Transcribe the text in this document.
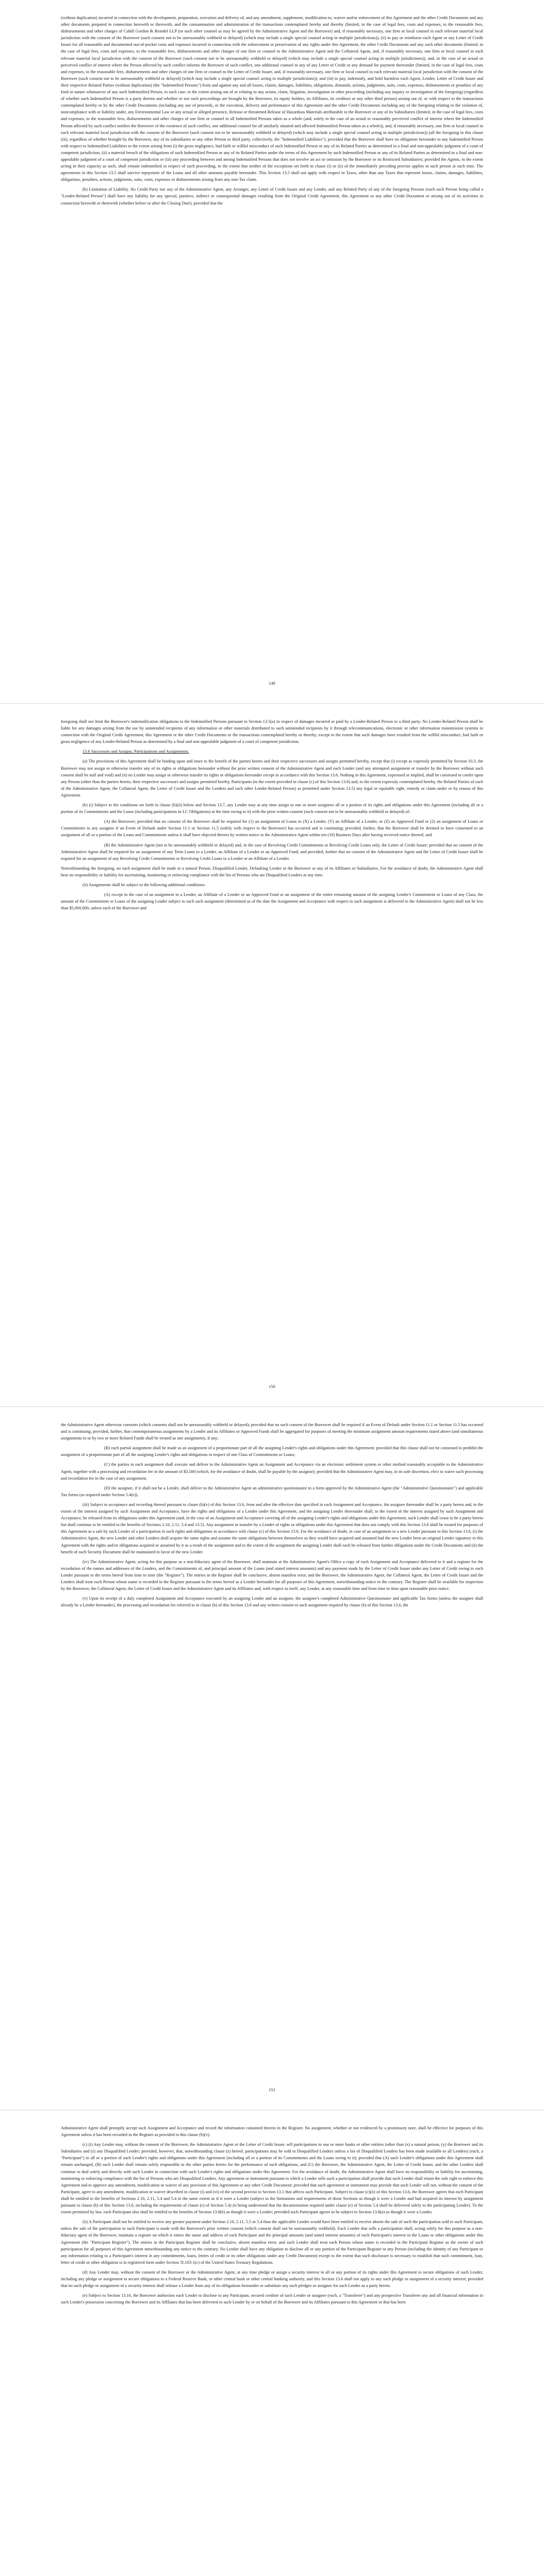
(without duplication) incurred in connection with the development, preparation, execution and delivery of, and any amendment, supplement, modification to, waiver and/or enforcement of this Agreement and the other Credit Documents and any other documents prepared in connection herewith or therewith, and the consummation and administration of the transactions contemplated hereby and thereby (limited, in the case of legal fees, costs and expenses, to the reasonable fees, disbursements and other charges of Cahill Gordon & Reindel LLP (or such other counsel as may be agreed by the Administrative Agent and the Borrower) and, if reasonably necessary, one firm or local counsel in each relevant material local jurisdiction with the consent of the Borrower (such consent not to be unreasonably withheld or delayed) (which may include a single special counsel acting in multiple jurisdictions)), (ii) to pay or reimburse each Agent or any Letter of Credit Issuer for all reasonable and documented out-of-pocket costs and expenses incurred in connection with the enforcement or preservation of any rights under this Agreement, the other Credit Documents and any such other documents (limited, in the case of legal fees, costs and expenses, to the reasonable fees, disbursements and other charges of one firm or counsel to the Administrative Agent and the Collateral Agent, and, if reasonably necessary, one firm or local counsel in each relevant material local jurisdiction with the consent of the Borrower (such consent not to be unreasonably withheld or delayed) (which may include a single special counsel acting in multiple jurisdictions)), and, in the case of an actual or perceived conflict of interest where the Person affected by such conflict informs the Borrower of such conflict, one additional counsel to any of any Letter of Credit or any demand for payment thereunder (limited, in the case of legal fees, costs and expenses, to the reasonable fees, disbursements and other charges of one firm or counsel to the Letter of Credit Issuer, and, if reasonably necessary, one firm or local counsel in each relevant material local jurisdiction with the consent of the Borrower (such consent not to be unreasonably withheld or delayed) (which may include a single special counsel acting in multiple jurisdictions)), and (iii) to pay, indemnify, and hold harmless each Agent, Lender, Letter of Credit Issuer and their respective Related Parties (without duplication) (the "Indemnified Persons") from and against any and all losses, claims, damages, liabilities, obligations, demands, actions, judgments, suits, costs, expenses, disbursements or penalties of any kind or nature whatsoever of any such Indemnified Person, in each case, to the extent arising out of or relating to any action, claim, litigation, investigation or other proceeding (including any inquiry or investigation of the foregoing) (regardless of whether such Indemnified Person is a party thereto and whether or not such proceedings are brought by the Borrower, its equity holders, its Affiliates, its creditors or any other third person) arising out of, or with respect to the transactions contemplated hereby or by the other Credit Documents (including any use of proceeds, or the execution, delivery and performance of this Agreement and the other Credit Documents including any of the foregoing relating to the violation of, noncompliance with or liability under, any Environmental Law or any actual or alleged presence, Release or threatened Release of Hazardous Materials attributable to the Borrower or any of its Subsidiaries (limited, in the case of legal fees, costs and expenses, to the reasonable fees, disbursements and other charges of one firm or counsel to all Indemnified Persons taken as a whole (and, solely in the case of an actual or reasonably perceived conflict of interest where the Indemnified Person affected by such conflict notifies the Borrower of the existence of such conflict, one additional counsel for all similarly situated and affected Indemnified Person taken as a whole)), and, if reasonably necessary, one firm or local counsel in each relevant material local jurisdiction with the consent of the Borrower (such consent not to be unreasonably withheld or delayed) (which may include a single special counsel acting in multiple jurisdictions)) (all the foregoing in this clause (iii), regardless of whether brought by the Borrower, any of its subsidiaries or any other Person or third party, collectively, the "Indemnified Liabilities"); provided that the Borrower shall have no obligation hereunder to any Indemnified Person with respect to Indemnified Liabilities to the extent arising from (i) the gross negligence, bad faith or willful misconduct of such Indemnified Person or any of its Related Parties as determined in a final and non-appealable judgment of a court of competent jurisdiction, (ii) a material breach of the obligations of such Indemnified Person or any of its Related Parties under the terms of this Agreement by such Indemnified Person or any of its Related Parties as determined in a final and non-appealable judgment of a court of competent jurisdiction or (iii) any proceeding between and among Indemnified Persons that does not involve an act or omission by the Borrower or its Restricted Subsidiaries; provided the Agents, to the extent acting in their capacity as such, shall remain indemnified in respect of such proceeding, to the extent that neither of the exceptions set forth in clause (i) or (ii) of the immediately preceding proviso applies to such person at such time. The agreements in this Section 13.5 shall survive repayment of the Loans and all other amounts payable hereunder. This Section 13.5 shall not apply with respect to Taxes, other than any Taxes that represent losses, claims, damages, liabilities, obligations, penalties, actions, judgments, suits, costs, expenses or disbursements arising from any non-Tax claim.

(b) Limitation of Liability. No Credit Party nor any of the Administrative Agent, any Arranger, any Letter of Credit Issuer and any Lender, and any Related Party of any of the foregoing Persons (each such Person being called a "Lender-Related Person") shall have any liability for any special, punitive, indirect or consequential damages resulting from the Original Credit Agreement, this Agreement or any other Credit Document or arising out of its activities in connection herewith or therewith (whether before or after the Closing Date); provided that the

149

foregoing shall not limit the Borrower's indemnification obligations to the Indemnified Persons pursuant to Section 13.5(a) in respect of damages incurred or paid by a Lender-Related Person to a third party. No Lender-Related Person shall be liable for any damages arising from the use by unintended recipients of any information or other materials distributed to such unintended recipients by it through telecommunications, electronic or other information transmission systems in connection with the Original Credit Agreement, this Agreement or the other Credit Documents or the transactions contemplated hereby or thereby, except to the extent that such damages have resulted from the willful misconduct, bad faith or gross negligence of any Lender-Related Person as determined by a final and non-appealable judgment of a court of competent jurisdiction.

13.6 Successors and Assigns; Participations and Assignments.

(a) The provisions of this Agreement shall be binding upon and inure to the benefit of the parties hereto and their respective successors and assigns permitted hereby, except that (i) except as expressly permitted by Section 10.3, the Borrower may not assign or otherwise transfer any of its rights or obligations hereunder without the prior written consent of the Administrative Agent and each Lender (and any attempted assignment or transfer by the Borrower without such consent shall be null and void) and (ii) no Lender may assign or otherwise transfer its rights or obligations hereunder except in accordance with this Section 13.6. Nothing in this Agreement, expressed or implied, shall be construed to confer upon any Person (other than the parties hereto, their respective successors and assigns permitted hereby, Participants (to the extent provided in clause (c) of this Section 13.6) and, to the extent expressly contemplated hereby, the Related Parties of each of the Administrative Agent, the Collateral Agent, the Letter of Credit Issuer and the Lenders and each other Lender-Related Person) as permitted under Section 13.5) any legal or equitable right, remedy or claim under or by reason of this Agreement.

(b) (i) Subject to the conditions set forth in clause (b)(ii) below and Section 13.7, any Lender may at any time assign to one or more assignees all or a portion of its rights and obligations under this Agreement (including all or a portion of its Commitments and the Loans (including participations in LC Obligations) at the time owing to it) with the prior written consent (such consent not to be unreasonably withheld or delayed) of:

(A) the Borrower; provided that no consent of the Borrower shall be required for (1) an assignment of Loans to (X) a Lender, (Y) an Affiliate of a Lender, or (Z) an Approved Fund or (2) an assignment of Loans or Commitments to any assignee if an Event of Default under Section 11.1 or Section 11.5 (solely with respect to the Borrower) has occurred and is continuing; provided, further, that the Borrower shall be deemed to have consented to an assignment of all or a portion of the Loans and Commitments unless it shall have objected thereto by written notice to the Administrative Agent within ten (10) Business Days after having received notice thereof; and

(B) the Administrative Agent (not to be unreasonably withheld or delayed) and, in the case of Revolving Credit Commitments or Revolving Credit Loans only, the Letter of Credit Issuer; provided that no consent of the Administrative Agent shall be required for an assignment of any Term Loans to a Lender, an Affiliate of a Lender or an Approved Fund; and provided, further that no consent of the Administrative Agent and the Letter of Credit Issuer shall be required for an assignment of any Revolving Credit Commitments or Revolving Credit Loans to a Lender or an Affiliate of a Lender.

Notwithstanding the foregoing, no such assignment shall be made to a natural Person, Disqualified Lender, Defaulting Lender or the Borrower or any of its Affiliates or Subsidiaries. For the avoidance of doubt, the Administrative Agent shall bear no responsibility or liability for ascertaining, monitoring or enforcing compliance with the list of Persons who are Disqualified Lenders at any time.

(ii) Assignments shall be subject to the following additional conditions:

(A) except in the case of an assignment to a Lender, an Affiliate of a Lender or an Approved Fund or an assignment of the entire remaining amount of the assigning Lender's Commitment or Loans of any Class, the amount of the Commitment or Loans of the assigning Lender subject to each such assignment (determined as of the date the Assignment and Acceptance with respect to such assignment is delivered to the Administrative Agent) shall not be less than $5,000,000, unless each of the Borrower and

150

the Administrative Agent otherwise consents (which consents shall not be unreasonably withheld or delayed); provided that no such consent of the Borrower shall be required if an Event of Default under Section 11.1 or Section 11.5 has occurred and is continuing; provided, further, that contemporaneous assignments by a Lender and its Affiliates or Approved Funds shall be aggregated for purposes of meeting the minimum assignment amount requirements stated above (and simultaneous assignments to or by two or more Related Funds shall be treated as one assignment), if any;

(B) each partial assignment shall be made as an assignment of a proportionate part of all the assigning Lender's rights and obligations under this Agreement; provided that this clause shall not be construed to prohibit the assignment of a proportionate part of all the assigning Lender's rights and obligations in respect of one Class of Commitments or Loans;

(C) the parties to each assignment shall execute and deliver to the Administrative Agent an Assignment and Acceptance via an electronic settlement system or other method reasonably acceptable to the Administrative Agent, together with a processing and recordation fee in the amount of $3,500 (which, for the avoidance of doubt, shall be payable by the assignor); provided that the Administrative Agent may, in its sole discretion, elect to waive such processing and recordation fee in the case of any assignment;

(D) the assignee, if it shall not be a Lender, shall deliver to the Administrative Agent an administrative questionnaire in a form approved by the Administrative Agent (the "Administrative Questionnaire") and applicable Tax forms (as required under Section 5.4(e)).

(iii) Subject to acceptance and recording thereof pursuant to clause (b)(v) of this Section 13.6, from and after the effective date specified in each Assignment and Acceptance, the assignee thereunder shall be a party hereto and, to the extent of the interest assigned by such Assignment and Acceptance, have the rights and obligations of a Lender under this Agreement, and the assigning Lender thereunder shall, to the extent of the interest assigned by such Assignment and Acceptance, be released from its obligations under this Agreement (and, in the case of an Assignment and Acceptance covering all of the assigning Lender's rights and obligations under this Agreement, such Lender shall cease to be a party hereto but shall continue to be entitled to the benefits of Sections 2.10, 2.11, 5.4 and 13.5). Any assignment or transfer by a Lender of rights or obligations under this Agreement that does not comply with this Section 13.6 shall be treated for purposes of this Agreement as a sale by such Lender of a participation in such rights and obligations in accordance with clause (c) of this Section 13.6. For the avoidance of doubt, in case of an assignment to a new Lender pursuant to this Section 13.6, (i) the Administrative Agent, the new Lender and other Lenders shall acquire the same rights and assume the same obligations between themselves as they would have acquired and assumed had the new Lender been an original Lender signatory to this Agreement with the rights and/or obligations acquired or assumed by it as a result of the assignment and to the extent of the assignment the assigning Lender shall each be released from further obligations under the Credit Documents and (ii) the benefit of each Security Document shall be maintained in favor of the new Lender.

(iv) The Administrative Agent, acting for this purpose as a non-fiduciary agent of the Borrower, shall maintain at the Administrative Agent's Office a copy of each Assignment and Acceptance delivered to it and a register for the recordation of the names and addresses of the Lenders, and the Commitments of, and principal amount of the Loans (and stated interest amounts) and any payment made by the Letter of Credit Issuer under any Letter of Credit owing to each Lender pursuant to the terms hereof from time to time (the "Register"). The entries in the Register shall be conclusive, absent manifest error, and the Borrower, the Administrative Agent, the Collateral Agent, the Letter of Credit Issuer and the Lenders shall treat each Person whose name is recorded in the Register pursuant to the terms hereof as a Lender hereunder for all purposes of this Agreement, notwithstanding notice to the contrary. The Register shall be available for inspection by the Borrower, the Collateral Agent, the Letter of Credit Issuer and the Administrative Agent and its Affiliates and, with respect to itself, any Lender, at any reasonable time and from time to time upon reasonable prior notice.

(v) Upon its receipt of a duly completed Assignment and Acceptance executed by an assigning Lender and an assignee, the assignee's completed Administrative Questionnaire and applicable Tax forms (unless the assignee shall already be a Lender hereunder), the processing and recordation fee referred to in clause (b) of this Section 13.6 and any written consent to such assignment required by clause (b) of this Section 13.6, the

151

Administrative Agent shall promptly accept such Assignment and Acceptance and record the information contained therein in the Register. No assignment, whether or not evidenced by a promissory note, shall be effective for purposes of this Agreement unless it has been recorded in the Register as provided in this clause (b)(v).

(c) (i) Any Lender may, without the consent of the Borrower, the Administrative Agent or the Letter of Credit Issuer, sell participations to one or more banks or other entities (other than (x) a natural person, (y) the Borrower and its Subsidiaries and (z) any Disqualified Lender; provided, however, that, notwithstanding clause (z) hereof, participations may be sold to Disqualified Lenders unless a list of Disqualified Lenders has been made available to all Lenders) (each, a "Participant") in all or a portion of such Lender's rights and obligations under this Agreement (including all or a portion of its Commitments and the Loans owing to it); provided that (A) such Lender's obligations under this Agreement shall remain unchanged, (B) such Lender shall remain solely responsible to the other parties hereto for the performance of such obligations, and (C) the Borrower, the Administrative Agent, the Letter of Credit Issuer, and the other Lenders shall continue to deal solely and directly with such Lender in connection with such Lender's rights and obligations under this Agreement. For the avoidance of doubt, the Administrative Agent shall have no responsibility or liability for ascertaining, monitoring or enforcing compliance with the list of Persons who are Disqualified Lenders. Any agreement or instrument pursuant to which a Lender sells such a participation shall provide that such Lender shall retain the sole right to enforce this Agreement and to approve any amendment, modification or waiver of any provision of this Agreement or any other Credit Document; provided that such agreement or instrument may provide that such Lender will not, without the consent of the Participant, agree to any amendment, modification or waiver described in clause (i) and (vi) of the second proviso to Section 13.1 that affects such Participant. Subject to clause (c)(ii) of this Section 13.6, the Borrower agrees that each Participant shall be entitled to the benefits of Sections 2.10, 2.11, 5.4 and 5.4 to the same extent as if it were a Lender (subject to the limitations and requirements of those Sections as though it were a Lender and had acquired its interest by assignment pursuant to clause (b) of this Section 13.6, including the requirements of clause (e) of Section 5.4) (it being understood that the documentation required under clause (e) of Section 5.4 shall be delivered solely to the participating Lender). To the extent permitted by law, each Participant also shall be entitled to the benefits of Section 13.8(b) as though it were a Lender; provided such Participant agrees to be subject to Section 13.8(a) as though it were a Lender.

(ii) A Participant shall not be entitled to receive any greater payment under Section 2.10, 2.11, 5.5 or 5.4 than the applicable Lender would have been entitled to receive absent the sale of such the participation sold to such Participant, unless the sale of the participation to such Participant is made with the Borrower's prior written consent (which consent shall not be unreasonably withheld). Each Lender that sells a participation shall, acting solely for this purpose as a non-fiduciary agent of the Borrower, maintain a register on which it enters the name and address of each Participant and the principal amounts (and stated interest amounts) of each Participant's interest in the Loans or other obligations under this Agreement (the "Participant Register"). The entries in the Participant Register shall be conclusive, absent manifest error, and such Lender shall treat each Person whose name is recorded in the Participant Register as the owner of such participation for all purposes of this Agreement notwithstanding any notice to the contrary. No Lender shall have any obligation to disclose all or any portion of the Participant Register to any Person (including the identity of any Participant or any information relating to a Participant's interest in any commitments, loans, letters of credit or its other obligations under any Credit Document) except to the extent that such disclosure is necessary to establish that such commitment, loan, letter of credit or other obligation is in registered form under Section 5f.103-1(c) of the United States Treasury Regulations.

(d) Any Lender may, without the consent of the Borrower or the Administrative Agent, at any time pledge or assign a security interest in all or any portion of its rights under this Agreement to secure obligations of such Lender, including any pledge or assignment to secure obligations to a Federal Reserve Bank, or other central bank or other central banking authority, and this Section 13.6 shall not apply to any such pledge or assignment of a security interest; provided that no such pledge or assignment of a security interest shall release a Lender from any of its obligations hereunder or substitute any such pledgee or assignee for such Lender as a party hereto.

(e) Subject to Section 13.16, the Borrower authorizes each Lender to disclose to any Participant, secured creditor of such Lender or assignee (each, a "Transferee") and any prospective Transferee any and all financial information in such Lender's possession concerning the Borrower and its Affiliates that has been delivered to such Lender by or on behalf of the Borrower and its Affiliates pursuant to this Agreement or that has been
